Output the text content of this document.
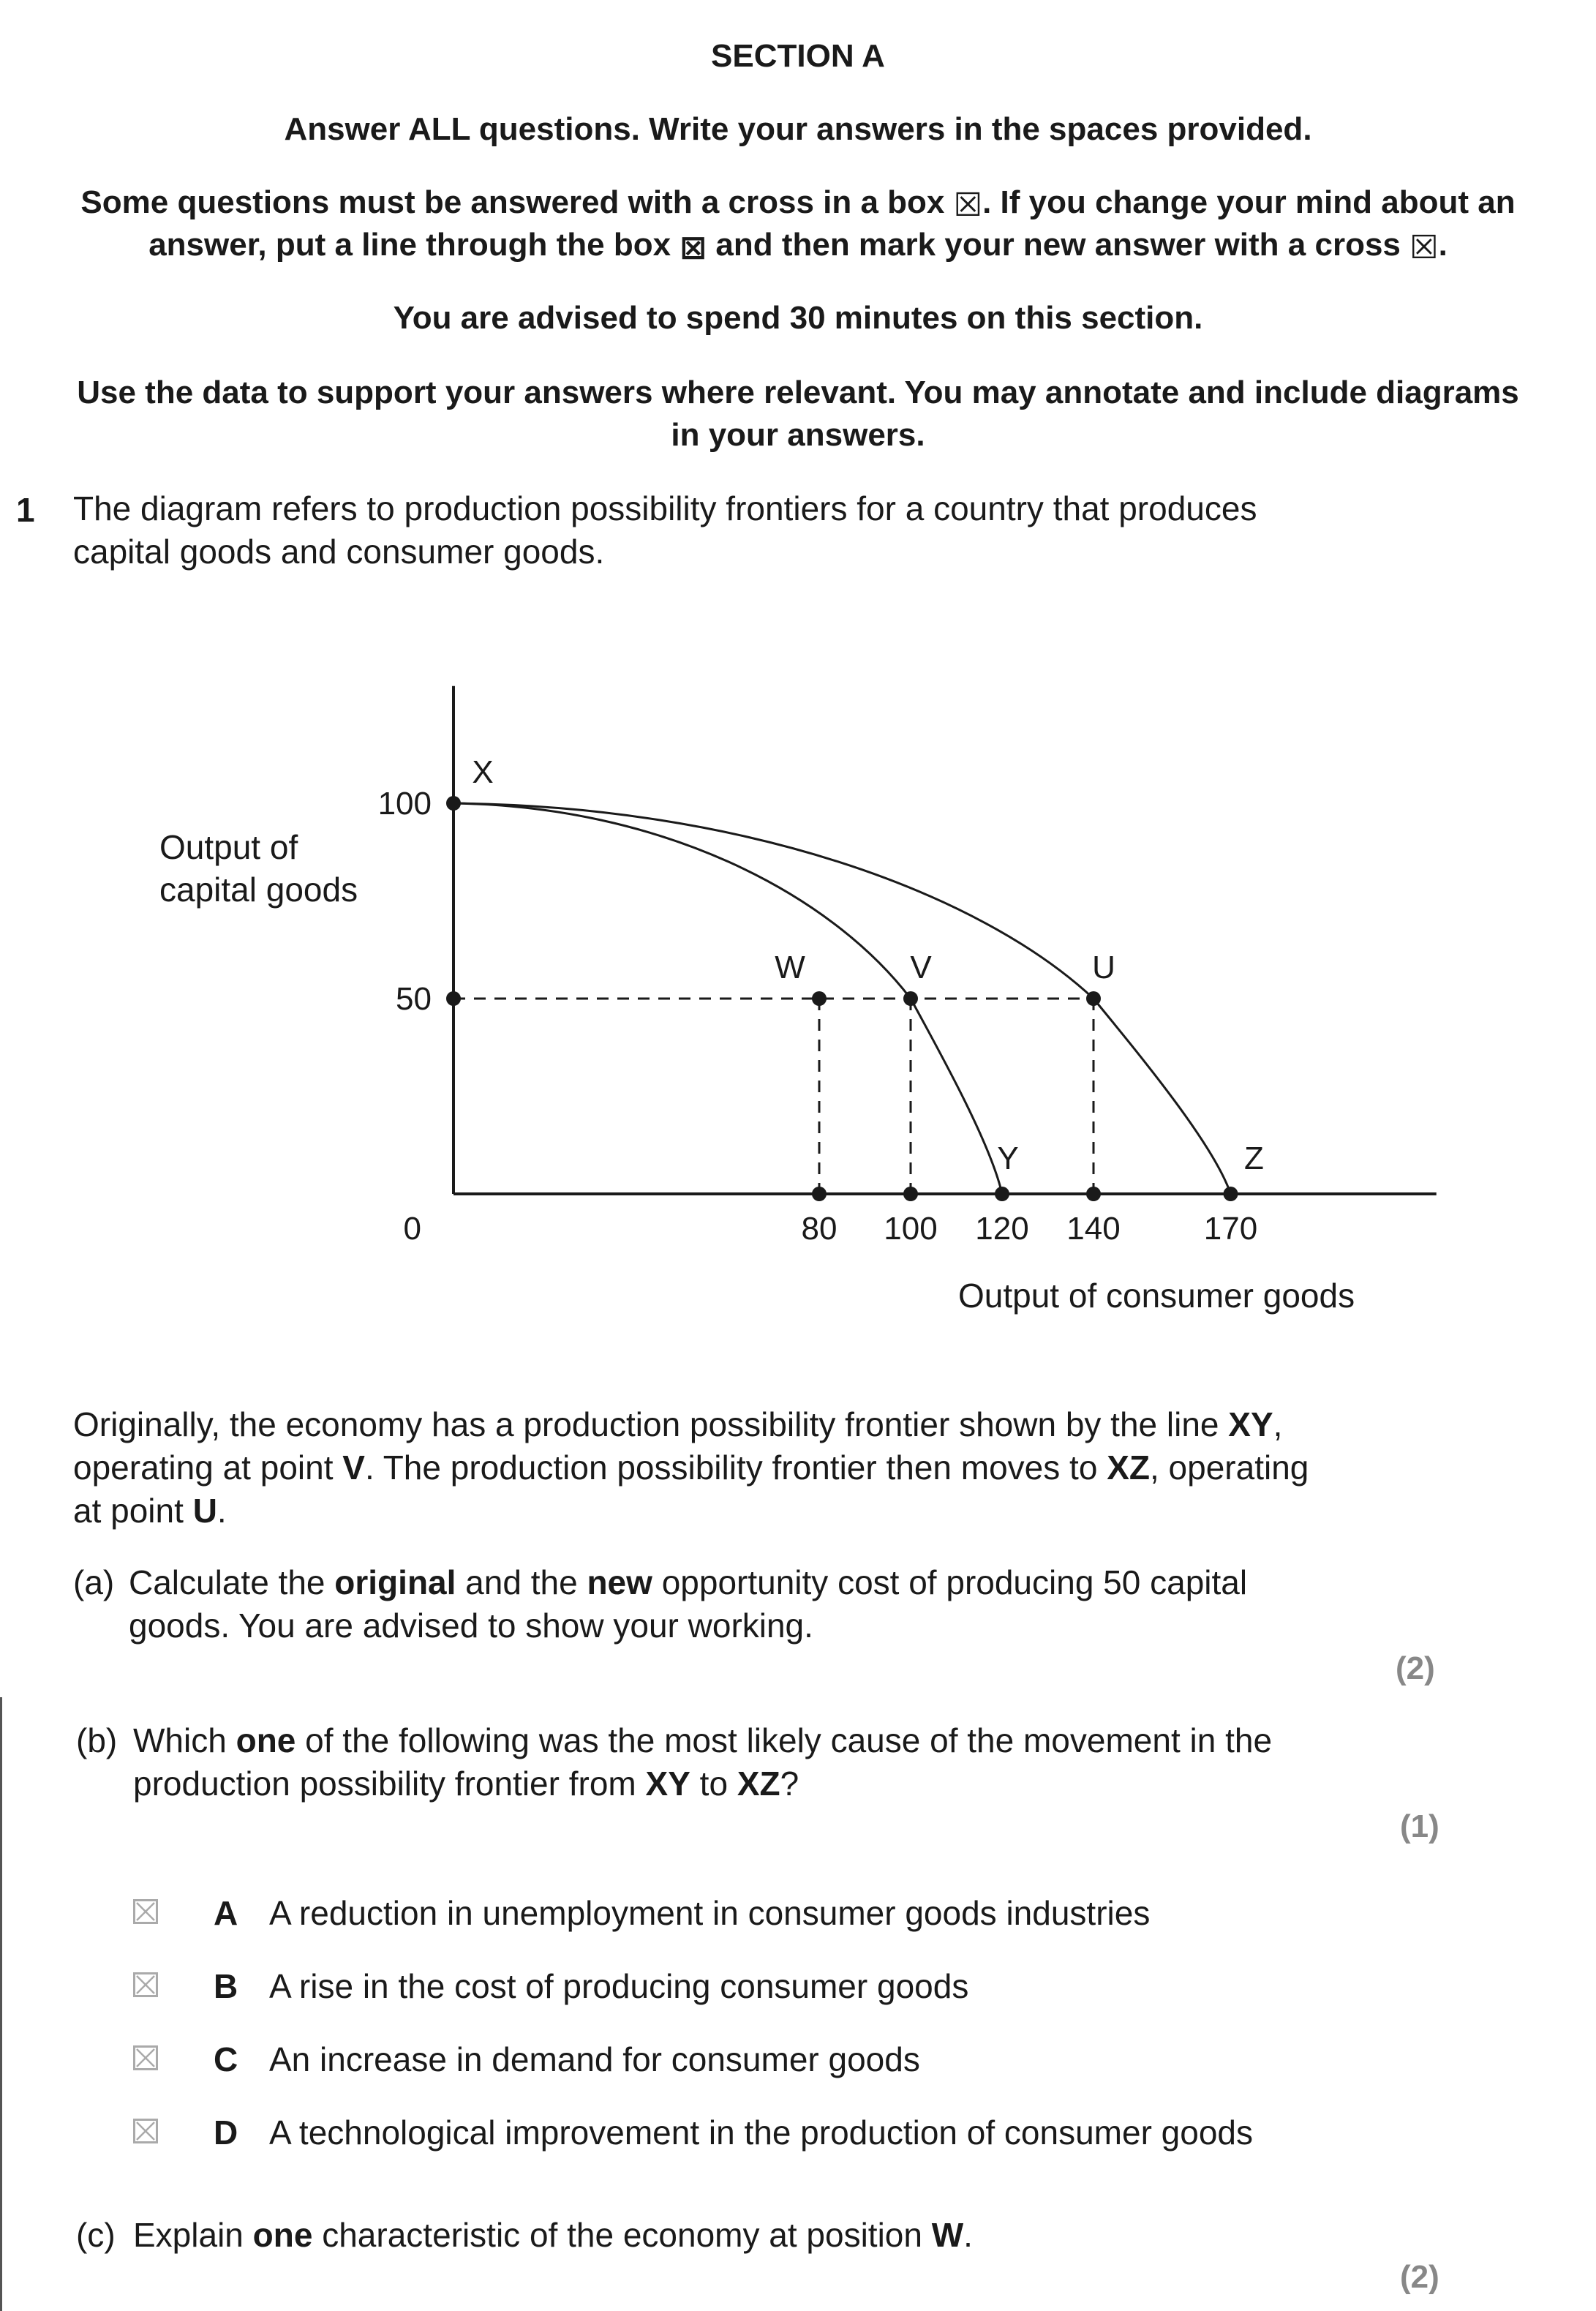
SECTION A
Answer ALL questions. Write your answers in the spaces provided.
Some questions must be answered with a cross in a box ☒. If you change your mind about an
answer, put a line through the box ⊠ and then mark your new answer with a cross ☒.
You are advised to spend 30 minutes on this section.
Use the data to support your answers where relevant. You may annotate and include diagrams
in your answers.
1 The diagram refers to production possibility frontiers for a country that produces
capital goods and consumer goods.
X
W	V	U
Y	Z
100
50
0	80 100 120 140	170
Output of
capital goods
Output of consumer goods
Originally, the economy has a production possibility frontier shown by the line XY,
operating at point V. The production possibility frontier then moves to XZ, operating
at point U.
(a) Calculate the original and the new opportunity cost of producing 50 capital
goods. You are advised to show your working.
(2)
(b) Which one of the following was the most likely cause of the movement in the
production possibility frontier from XY to XZ?
(1)
A A reduction in unemployment in consumer goods industries
B A rise in the cost of producing consumer goods
C An increase in demand for consumer goods
D A technological improvement in the production of consumer goods
(c) Explain one characteristic of the economy at position W.
(2)
